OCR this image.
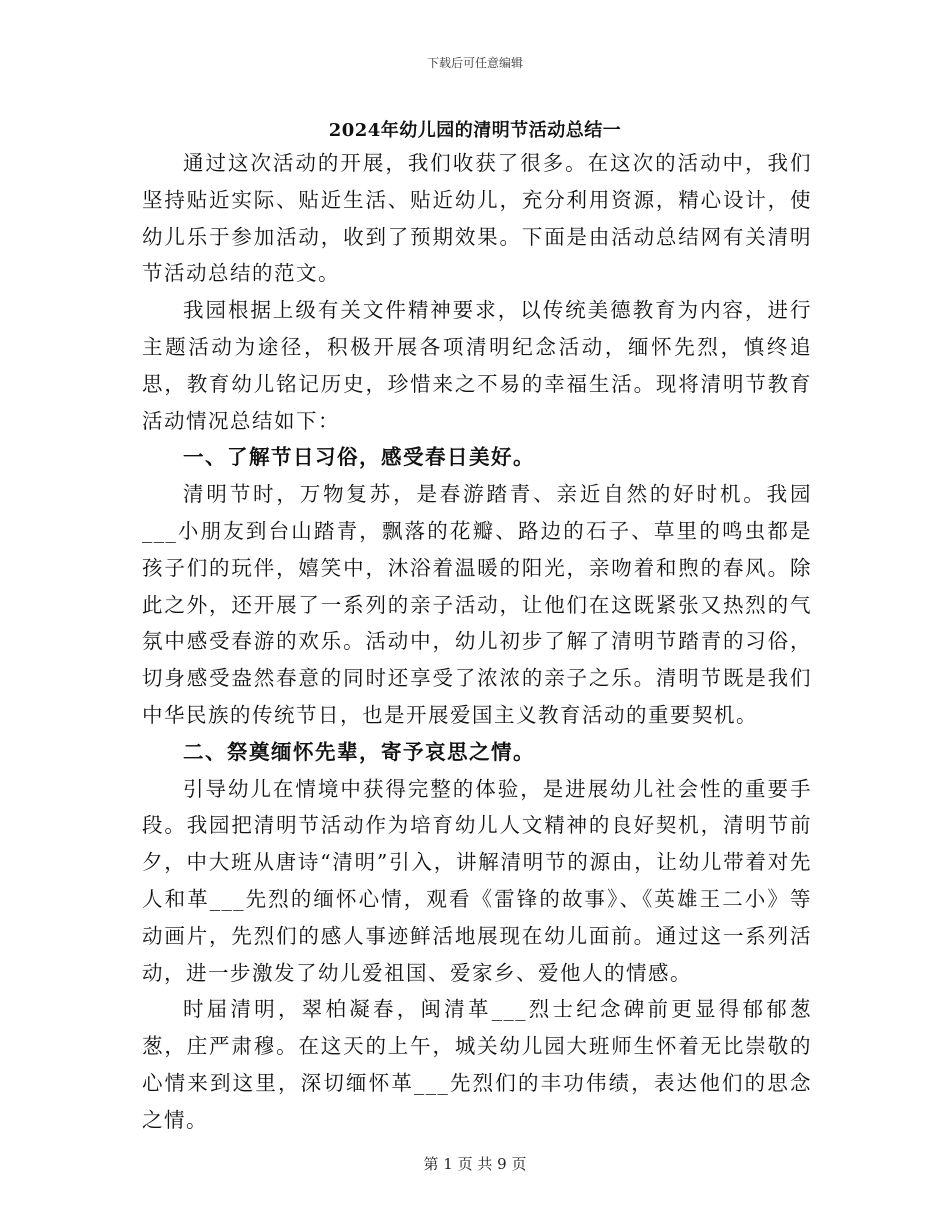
下载后可任意编辑
2024年幼儿园的清明节活动总结一

通过这次活动的开展，我们收获了很多。在这次的活动中，我们坚持贴近实际、贴近生活、贴近幼儿，充分利用资源，精心设计，使幼儿乐于参加活动，收到了预期效果。下面是由活动总结网有关清明节活动总结的范文。

我园根据上级有关文件精神要求，以传统美德教育为内容，进行主题活动为途径，积极开展各项清明纪念活动，缅怀先烈，慎终追思，教育幼儿铭记历史，珍惜来之不易的幸福生活。现将清明节教育活动情况总结如下：

一、了解节日习俗，感受春日美好。

清明节时，万物复苏，是春游踏青、亲近自然的好时机。我园___小朋友到台山踏青，飘落的花瓣、路边的石子、草里的鸣虫都是孩子们的玩伴，嬉笑中，沐浴着温暖的阳光，亲吻着和煦的春风。除此之外，还开展了一系列的亲子活动，让他们在这既紧张又热烈的气氛中感受春游的欢乐。活动中，幼儿初步了解了清明节踏青的习俗，切身感受盎然春意的同时还享受了浓浓的亲子之乐。清明节既是我们中华民族的传统节日，也是开展爱国主义教育活动的重要契机。

二、祭奠缅怀先辈，寄予哀思之情。

引导幼儿在情境中获得完整的体验，是进展幼儿社会性的重要手段。我园把清明节活动作为培育幼儿人文精神的良好契机，清明节前夕，中大班从唐诗“清明”引入，讲解清明节的源由，让幼儿带着对先人和革___先烈的缅怀心情，观看《雷锋的故事》、《英雄王二小》等动画片，先烈们的感人事迹鲜活地展现在幼儿面前。通过这一系列活动，进一步激发了幼儿爱祖国、爱家乡、爱他人的情感。

时届清明，翠柏凝春，闽清革___烈士纪念碑前更显得郁郁葱葱，庄严肃穆。在这天的上午，城关幼儿园大班师生怀着无比崇敬的心情来到这里，深切缅怀革___先烈们的丰功伟绩，表达他们的思念之情。

第 1 页 共 9 页
